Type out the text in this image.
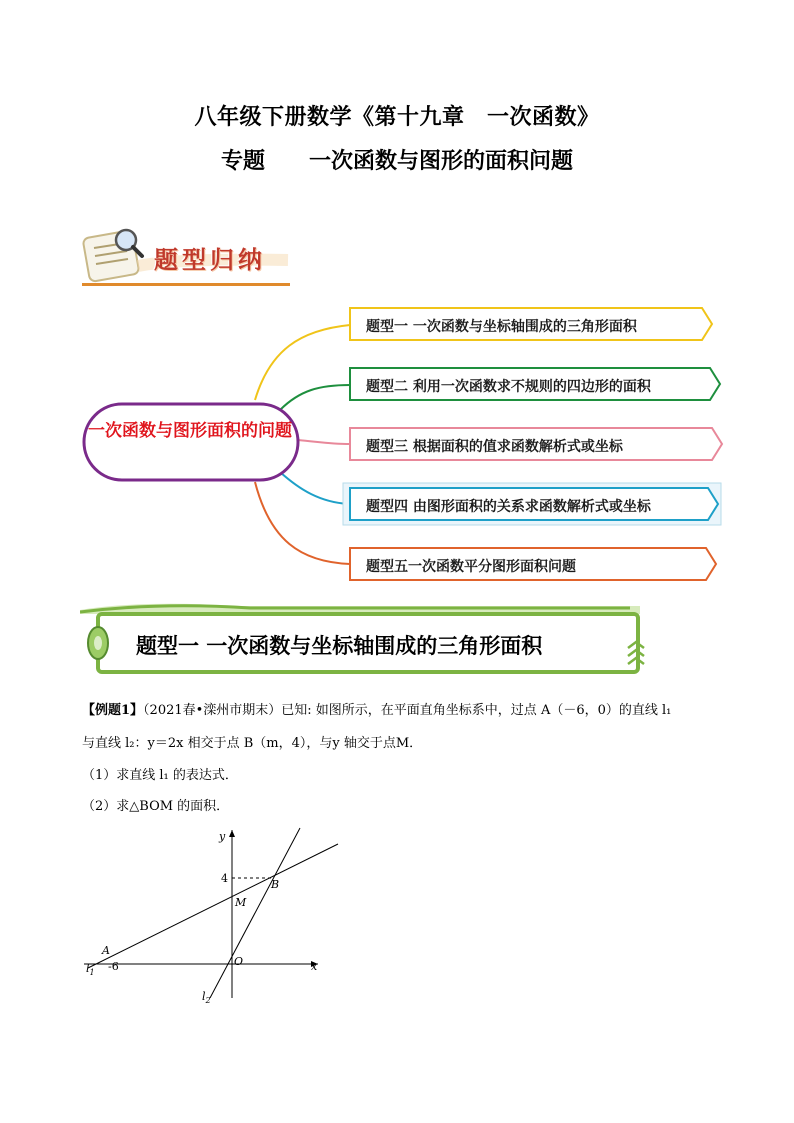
八年级下册数学《第十九章　一次函数》
专题 一次函数与图形的面积问题
题型归纳
一次函数与图形面积的问题
题型一 一次函数与坐标轴围成的三角形面积
题型二 利用一次函数求不规则的四边形的面积
题型三 根据面积的值求函数解析式或坐标
题型四 由图形面积的关系求函数解析式或坐标
题型五一次函数平分图形面积问题
题型一 一次函数与坐标轴围成的三角形面积
【例题1】（2021春•滦州市期末）已知: 如图所示，在平面直角坐标系中，过点 A（－6，0）的直线 l₁
与直线 l₂：y＝2x 相交于点 B（m，4），与y 轴交于点M．
（1）求直线 l₁ 的表达式．
（2）求△BOM 的面积．
y
x
4	B
M
A
$l_1$ -6	O
$l_2$
